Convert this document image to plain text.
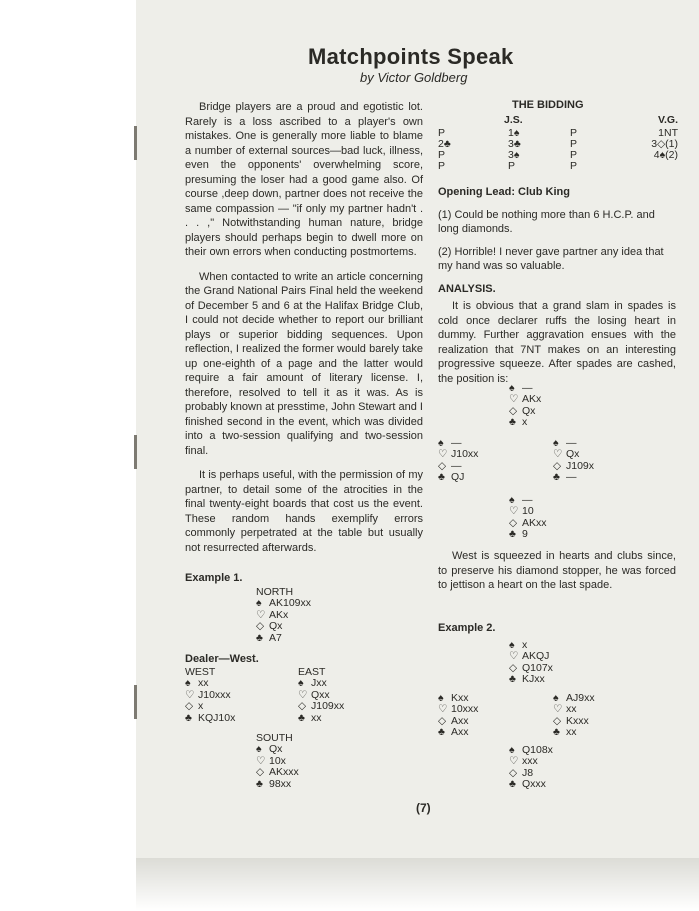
Matchpoints Speak
by Victor Goldberg

Bridge players are a proud and egotistic lot. Rarely is a loss ascribed to a player's own mistakes. One is generally more liable to blame a number of external sources—bad luck, illness, even the opponents' overwhelming score, presuming the loser had a good game also. Of course ,deep down, partner does not receive the same compassion — "if only my partner hadn't . . . ," Notwithstanding human nature, bridge players should perhaps begin to dwell more on their own errors when conducting postmortems.

When contacted to write an article concerning the Grand National Pairs Final held the weekend of December 5 and 6 at the Halifax Bridge Club, I could not decide whether to report our brilliant plays or superior bidding sequences. Upon reflection, I realized the former would barely take up one-eighth of a page and the latter would require a fair amount of literary license. I, therefore, resolved to tell it as it was. As is probably known at presstime, John Stewart and I finished second in the event, which was divided into a two-session qualifying and two-session final.

It is perhaps useful, with the permission of my partner, to detail some of the atrocities in the final twenty-eight boards that cost us the event. These random hands exemplify errors commonly perpetrated at the table but usually not resurrected afterwards.

Example 1.
NORTH
♠ AK109xx
♡ AKx
◇ Qx
♣ A7
Dealer—West.
WEST
♠ xx
♡ J10xxx
◇ x
♣ KQJ10x
EAST
♠ Jxx
♡ Qxx
◇ J109xx
♣ xx
SOUTH
♠ Qx
♡ 10x
◇ AKxxx
♣ 98xx
THE BIDDING
J.S.	V.G.
P	1♠	P	1NT
2♣	3♣	P	3◇(1)
P	3♠	P	4♠(2)
P	P	P

Opening Lead: Club King

(1) Could be nothing more than 6 H.C.P. and long diamonds.

(2) Horrible! I never gave partner any idea that my hand was so valuable.

ANALYSIS.

It is obvious that a grand slam in spades is cold once declarer ruffs the losing heart in dummy. Further aggravation ensues with the realization that 7NT makes on an interesting progressive squeeze. After spades are cashed, the position is:

♠ —
♡ AKx
◇ Qx
♣ x
♠ —
♡ J10xx
◇ —
♣ QJ
♠ —
♡ Qx
◇ J109x
♣ —
♠ —
♡ 10
◇ AKxx
♣ 9
West is squeezed in hearts and clubs since, to preserve his diamond stopper, he was forced to jettison a heart on the last spade.
Example 2.
♠ x
♡ AKQJ
◇ Q107x
♣ KJxx
♠ Kxx
♡ 10xxx
◇ Axx
♣ Axx
♠ AJ9xx
♡ xx
◇ Kxxx
♣ xx
♠ Q108x
♡ xxx
◇ J8
♣ Qxxx
(7)
